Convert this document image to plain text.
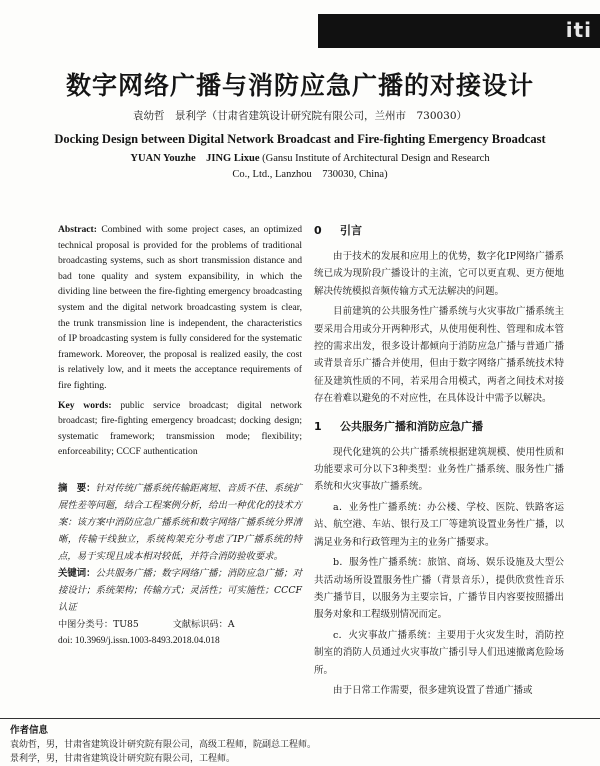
iti
数字网络广播与消防应急广播的对接设计
袁幼哲　景利学（甘肃省建筑设计研究院有限公司，兰州市　730030）
Docking Design between Digital Network Broadcast and Fire-fighting Emergency Broadcast
YUAN Youzhe　JING Lixue (Gansu Institute of Architectural Design and Research
Co., Ltd., Lanzhou　730030, China)

Abstract: Combined with some project cases, an optimized technical proposal is provided for the problems of traditional broadcasting systems, such as short transmission distance and bad tone quality and system expansibility, in which the dividing line between the fire-fighting emergency broadcasting system and the digital network broadcasting system is clear, the trunk transmission line is independent, the characteristics of IP broadcasting system is fully considered for the systematic framework. Moreover, the proposal is realized easily, the cost is relatively low, and it meets the acceptance requirements of fire fighting.

Key words: public service broadcast; digital network broadcast; fire-fighting emergency broadcast; docking design; systematic framework; transmission mode; flexibility; enforceability; CCCF authentication

摘　要：针对传统广播系统传输距离短、音质不佳、系统扩展性差等问题，结合工程案例分析，给出一种优化的技术方案：该方案中消防应急广播系统和数字网络广播系统分界清晰，传输干线独立，系统构架充分考虑了IP广播系统的特点，易于实现且成本相对较低，并符合消防验收要求。

关键词：公共服务广播；数字网络广播；消防应急广播；对接设计；系统架构；传输方式；灵活性；可实施性；CCCF认证

中图分类号： TU85	文献标识码： A
doi: 10.3969/j.issn.1003-8493.2018.04.018
0 引言

由于技术的发展和应用上的优势，数字化IP网络广播系统已成为现阶段广播设计的主流，它可以更直观、更方便地解决传统模拟音频传输方式无法解决的问题。

目前建筑的公共服务性广播系统与火灾事故广播系统主要采用合用或分开两种形式，从使用便利性、管理和成本管控的需求出发，很多设计都倾向于消防应急广播与普通广播或背景音乐广播合并使用，但由于数字网络广播系统技术特征及建筑性质的不同，若采用合用模式，两者之间技术对接存在着难以避免的不对应性，在具体设计中需予以解决。

1 公共服务广播和消防应急广播

现代化建筑的公共广播系统根据建筑规模、使用性质和功能要求可分以下3种类型：业务性广播系统、服务性广播系统和火灾事故广播系统。

a．业务性广播系统：办公楼、学校、医院、铁路客运站、航空港、车站、银行及工厂等建筑设置业务性广播，以满足业务和行政管理为主的业务广播要求。

b．服务性广播系统：旅馆、商场、娱乐设施及大型公共活动场所设置服务性广播（背景音乐），提供欣赏性音乐类广播节目，以服务为主要宗旨，广播节目内容要按照播出服务对象和工程级别情况而定。

c．火灾事故广播系统：主要用于火灾发生时，消防控制室的消防人员通过火灾事故广播引导人们迅速撤离危险场所。

由于日常工作需要，很多建筑设置了普通广播或

作者信息
袁幼哲，男，甘肃省建筑设计研究院有限公司，高级工程师，院副总工程师。
景利学，男，甘肃省建筑设计研究院有限公司，工程师。
